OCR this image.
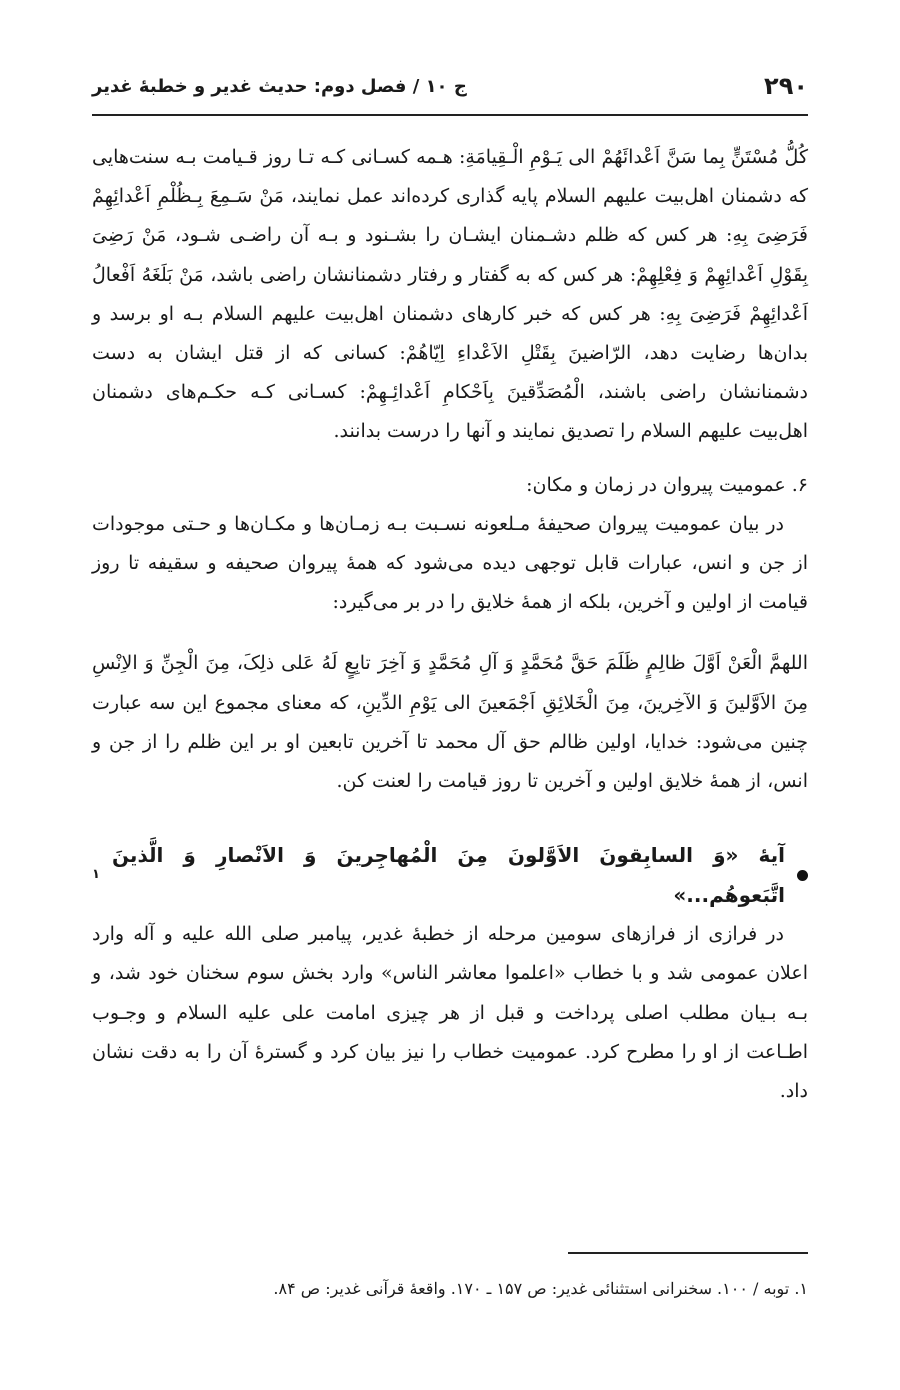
۲۹۰
ج ۱۰ / فصل دوم: حدیث غدیر و خطبهٔ غدیر

كُلُّ مُسْتَنٍّ بِما سَنَّ اَعْدائَهُمْ الی یَـوْمِ الْـقِیامَةِ: هـمه کسـانی کـه تـا روز قـیامت بـه سنت‌هایی که دشمنان اهل‌بیت علیهم السلام پایه گذاری کرده‌اند عمل نمایند، مَنْ سَـمِعَ بِـظُلْمِ اَعْدائِهِمْ فَرَضِیَ بِهِ: هر کس که ظلم دشـمنان ایشـان را بشـنود و بـه آن راضـی شـود، مَنْ رَضِیَ بِقَوْلِ اَعْدائِهِمْ وَ فِعْلِهِمْ: هر کس که به گفتار و رفتار دشمنانشان راضی باشد، مَنْ بَلَغَهُ اَفْعالُ اَعْدائِهِمْ فَرَضِیَ بِهِ: هر کس که خبر کارهای دشمنان اهل‌بیت علیهم السلام بـه او برسد و بدان‌ها رضایت دهد، الرّاضینَ بِقَتْلِ الاَعْداءِ اِیّاهُمْ: کسانی که از قتل ایشان به دست دشمنانشان راضی باشند، الْمُصَدِّقینَ بِاَحْکامِ اَعْدائِـهِمْ: کسـانی کـه حکـم‌های دشمنان اهل‌بیت علیهم السلام را تصدیق نمایند و آنها را درست بدانند.

۶. عمومیت پیروان در زمان و مکان:

در بیان عمومیت پیروان صحیفهٔ مـلعونه نسـبت بـه زمـان‌ها و مکـان‌ها و حـتی موجودات از جن و انس، عبارات قابل توجهی دیده می‌شود که همهٔ پیروان صحیفه و سقیفه تا روز قیامت از اولین و آخرین، بلکه از همهٔ خلایق را در بر می‌گیرد:

اللهمَّ الْعَنْ اَوَّلَ ظالِمٍ ظَلَمَ حَقَّ مُحَمَّدٍ وَ آلِ مُحَمَّدٍ وَ آخِرَ تابِعٍ لَهُ عَلی ذلِکَ، مِنَ الْجِنِّ وَ الاِنْسِ مِنَ الاَوَّلینَ وَ الآخِرینَ، مِنَ الْخَلائِقِ اَجْمَعینَ الی یَوْمِ الدِّینِ، که معنای مجموع این سه عبارت چنین می‌شود: خدایا، اولین ظالم حق آل محمد تا آخرین تابعین او بر این ظلم را از جن و انس، از همهٔ خلایق اولین و آخرین تا روز قیامت را لعنت کن.

آیهٔ «وَ السابِقونَ الاَوَّلونَ مِنَ الْمُهاجِرینَ وَ الاَنْصارِ وَ الَّذینَ اتَّبَعوهُم...»
۱

در فرازی از فرازهای سومین مرحله از خطبهٔ غدیر، پیامبر صلی الله علیه و آله وارد اعلان عمومی شد و با خطاب «اعلموا معاشر الناس» وارد بخش سوم سخنان خود شد، و بـه بـیان مطلب اصلی پرداخت و قبل از هر چیزی امامت علی علیه السلام و وجـوب اطـاعت از او را مطرح کرد. عمومیت خطاب را نیز بیان کرد و گسترهٔ آن را به دقت نشان داد.

۱. توبه / ۱۰۰. سخنرانی استثنائی غدیر: ص ۱۵۷ ـ ۱۷۰. واقعهٔ قرآنی غدیر: ص ۸۴.
